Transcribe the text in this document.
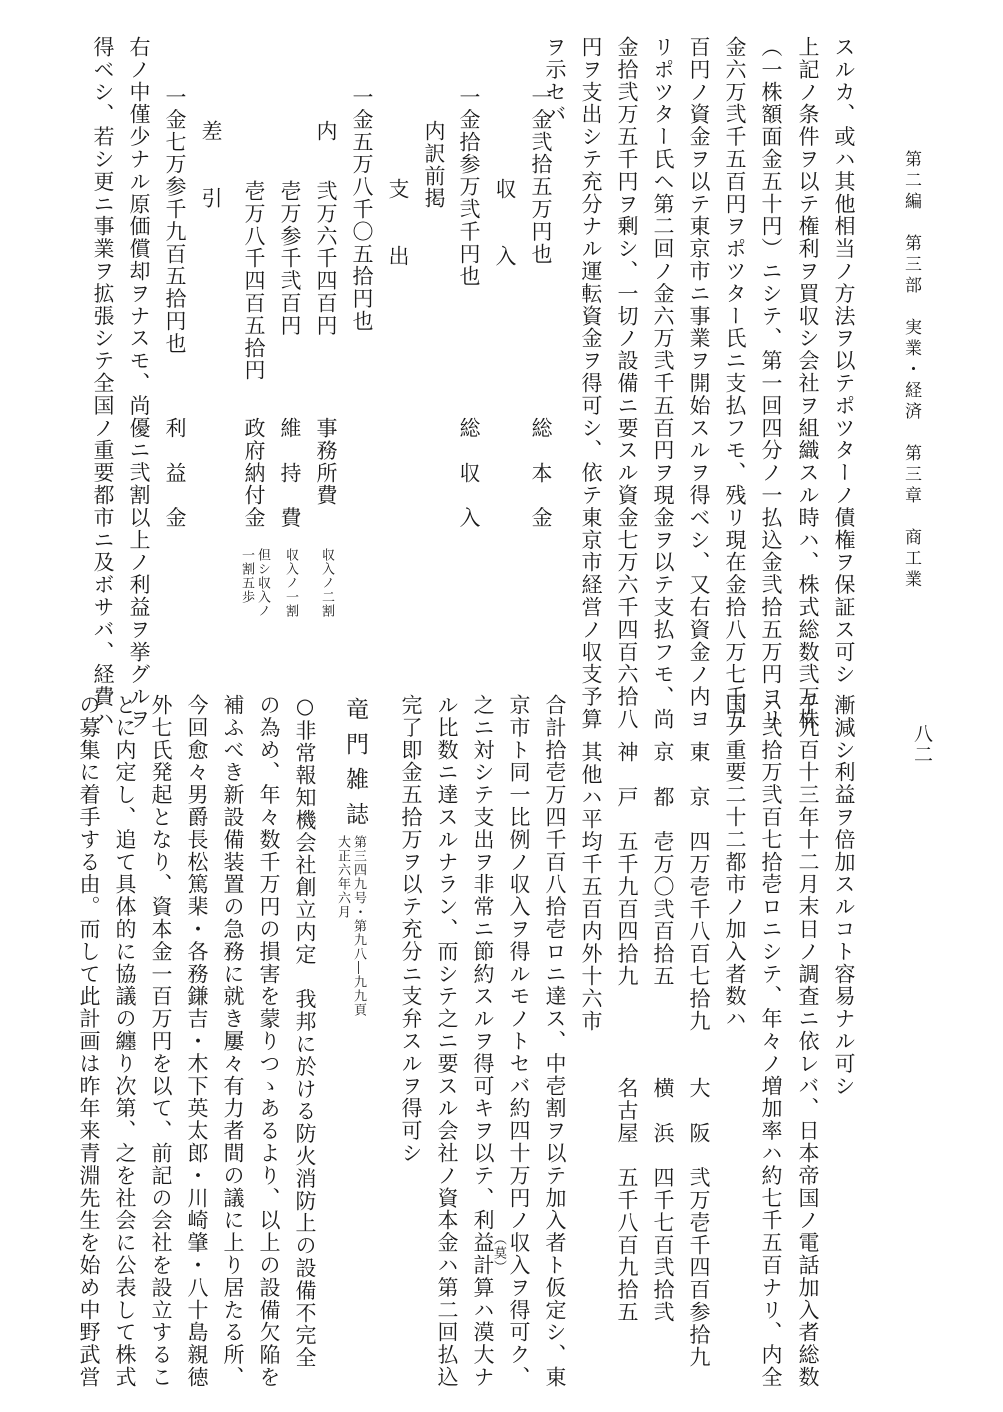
第二編　第三部　実業・経済　第三章　商工業
八二
スルカ、或ハ其他相当ノ方法ヲ以テポツターノ債権ヲ保証ス可シ
上記ノ条件ヲ以テ権利ヲ買収シ会社ヲ組織スル時ハ、株式総数弐万株
（一株額面金五十円）ニシテ、第一回四分ノ一払込金弐拾五万円ヨリ
金六万弐千五百円ヲポツター氏ニ支払フモ、残リ現在金拾八万七千五
百円ノ資金ヲ以テ東京市ニ事業ヲ開始スルヲ得ベシ、又右資金ノ内ヨ
リポツター氏ヘ第二回ノ金六万弐千五百円ヲ現金ヲ以テ支払フモ、尚
金拾弐万五千円ヲ剰シ、一切ノ設備ニ要スル資金七万六千四百六拾八
円ヲ支出シテ充分ナル運転資金ヲ得可シ、依テ東京市経営ノ収支予算
ヲ示セバ
一金弐拾五万円也
総　本　金
収　　入
一金拾参万弐千円也
総　収　入
内訳前掲
支　　出
一金五万八千〇五拾円也
内
弐万六千四百円
事務所費
収入ノ二割
壱万参千弐百円
維　持　費
収入ノ一割
壱万八千四百五拾円
政府納付金
但シ収入ノ
一割五歩
差　　引
一金七万参千九百五拾円也
利　益　金
右ノ中僅少ナル原価償却ヲナスモ、尚優ニ弐割以上ノ利益ヲ挙グルヲ
得ベシ、若シ更ニ事業ヲ拡張シテ全国ノ重要都市ニ及ボサバ、経費ハ
漸減シ利益ヲ倍加スルコト容易ナル可シ
千九百十三年十二月末日ノ調査ニ依レバ、日本帝国ノ電話加入者総数
ハ弐拾万弐百七拾壱ロニシテ、年々ノ増加率ハ約七千五百ナリ、内全
国ノ重要二十二都市ノ加入者数ハ
東　京　四万壱千八百七拾九　　大　阪　弐万壱千四百参拾九
京　都　壱万〇弐百拾五　　　　横　浜　四千七百弐拾弐
神　戸　五千九百四拾九　　　　名古屋　五千八百九拾五
其他ハ平均千五百内外十六市
合計拾壱万四千百八拾壱ロニ達ス、中壱割ヲ以テ加入者ト仮定シ、東
京市ト同一比例ノ収入ヲ得ルモノトセバ約四十万円ノ収入ヲ得可ク、
之ニ対シテ支出ヲ非常ニ節約スルヲ得可キヲ以テ、利益計算ハ漠大ナ
（莫）
ル比数ニ達スルナラン、而シテ之ニ要スル会社ノ資本金ハ第二回払込
完了即金五拾万ヲ以テ充分ニ支弁スルヲ得可シ
竜門雑誌
第三四九号・第九八―九九頁
大正六年六月
○非常報知機会社創立内定　我邦に於ける防火消防上の設備不完全
の為め、年々数千万円の損害を蒙りつゝあるより、以上の設備欠陥を
補ふべき新設備装置の急務に就き屢々有力者間の議に上り居たる所、
今回愈々男爵長松篤棐・各務鎌吉・木下英太郎・川崎肇・八十島親徳
外七氏発起となり、資本金一百万円を以て、前記の会社を設立するこ
とに内定し、追て具体的に協議の纏り次第、之を社会に公表して株式
の募集に着手する由。而して此計画は昨年来青淵先生を始め中野武営
